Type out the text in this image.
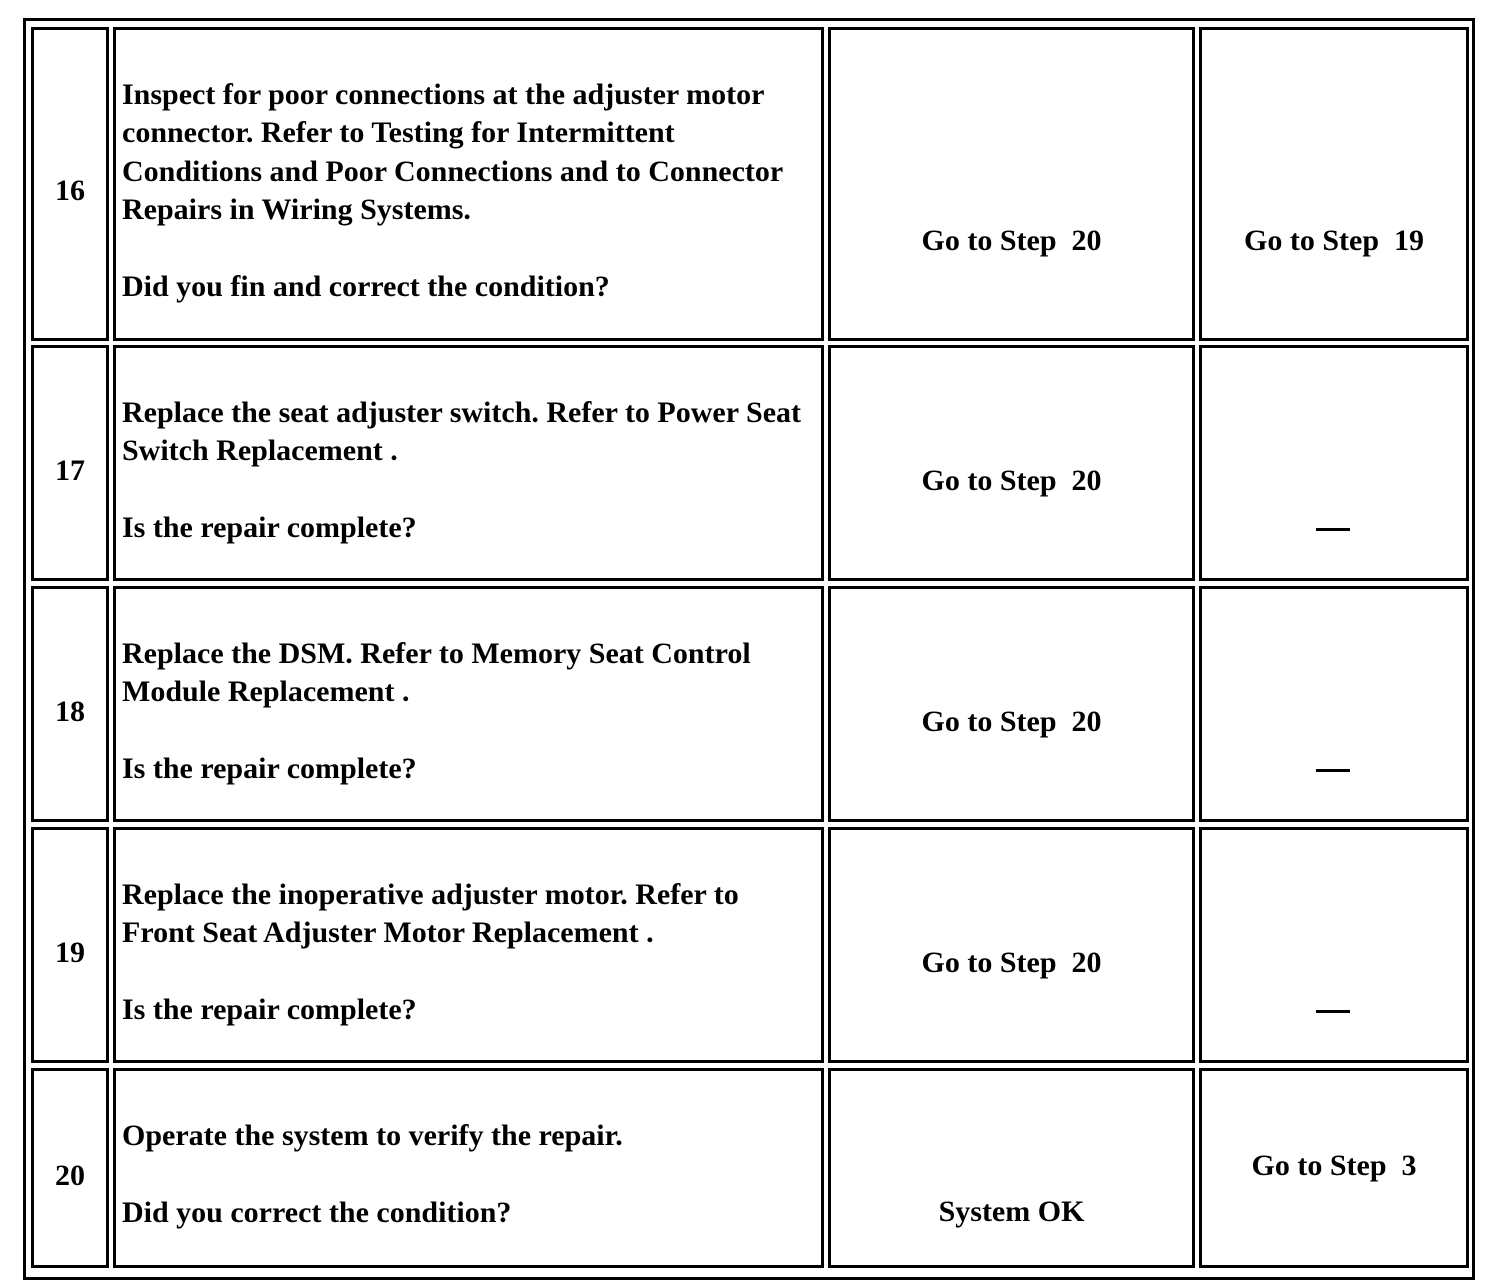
16

Inspect for poor connections at the adjuster motor connector. Refer to Testing for Intermittent Conditions and Poor Connections and to Connector Repairs in Wiring Systems.

Did you fin and correct the condition?

Go to Step  20	Go to Step  19
17

Replace the seat adjuster switch. Refer to Power Seat Switch Replacement .

Is the repair complete?

Go to Step  20
18

Replace the DSM. Refer to Memory Seat Control Module Replacement .

Is the repair complete?

Go to Step  20
19

Replace the inoperative adjuster motor. Refer to Front Seat Adjuster Motor Replacement .

Is the repair complete?

Go to Step  20
20

Operate the system to verify the repair.

Did you correct the condition?	System OK
Go to Step  3
